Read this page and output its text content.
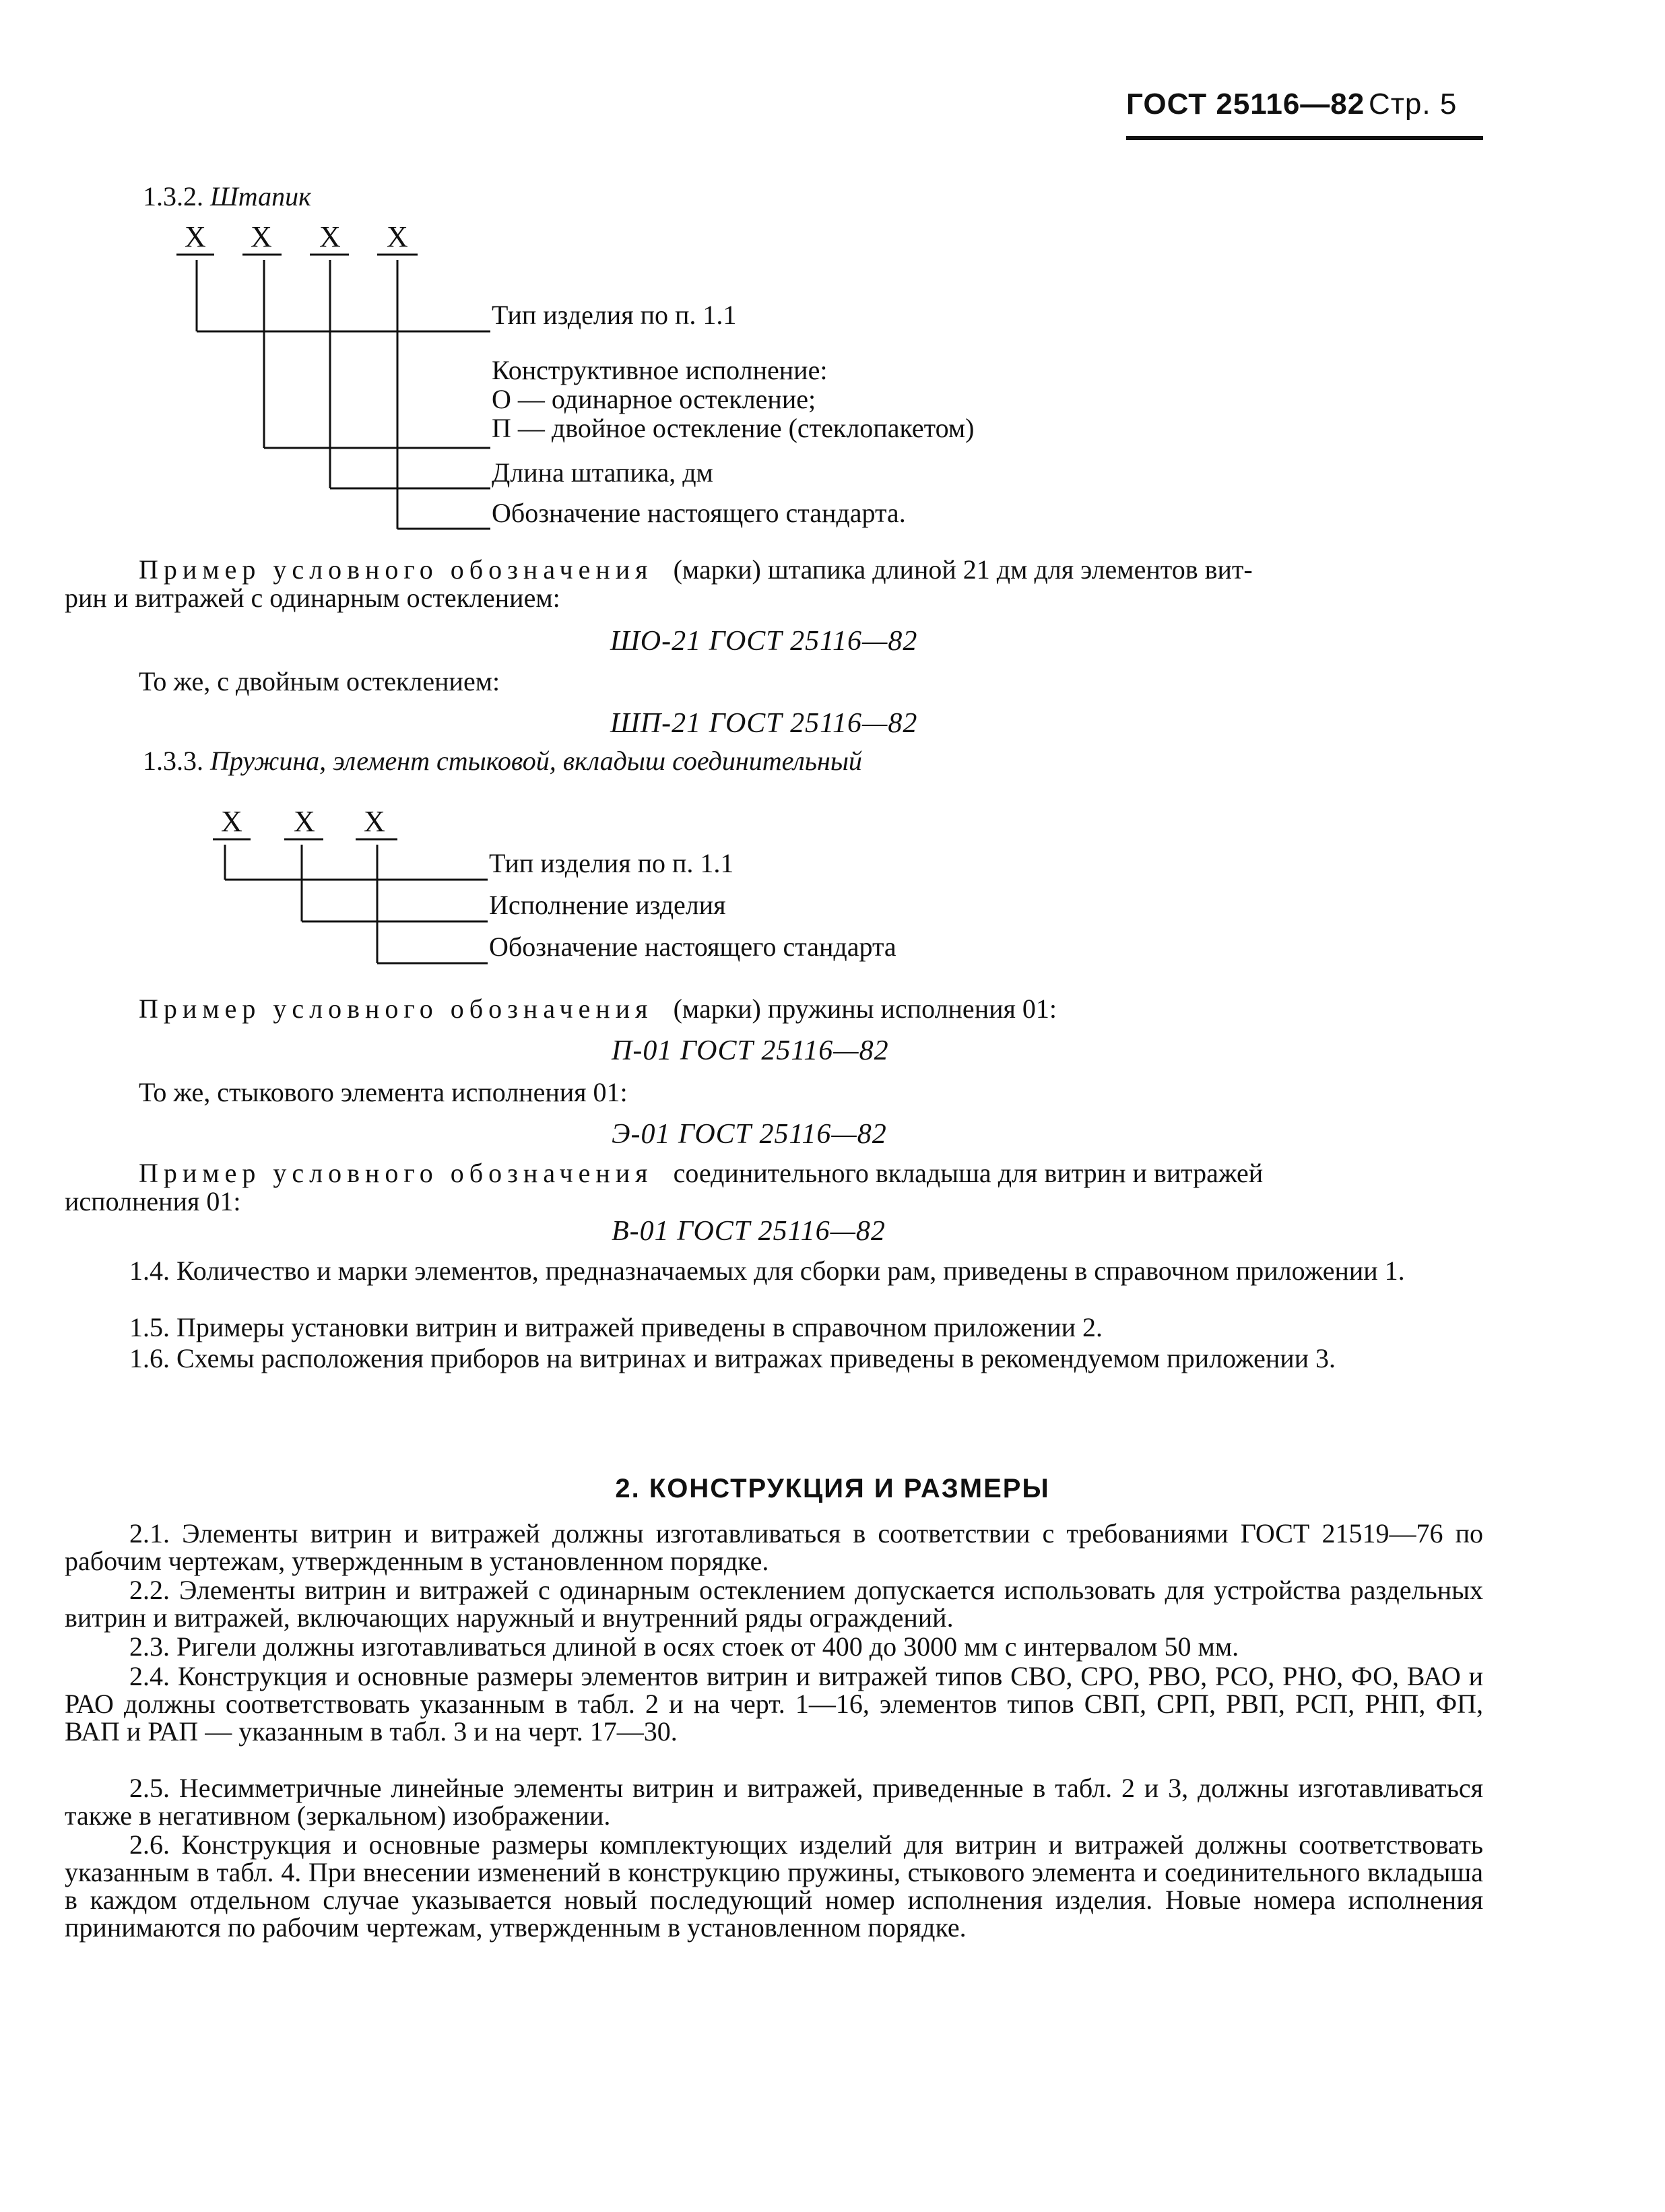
ГОСТ 25116—82 Стр. 5
1.3.2. Штапик
X X X X
Тип изделия по п. 1.1
Конструктивное исполнение:
О — одинарное остекление;
П — двойное остекление (стеклопакетом)
Длина штапика, дм
Обозначение настоящего стандарта.
Пример условного обозначения (марки) штапика длиной 21 дм для элементов вит-
рин и витражей с одинарным остеклением:
ШО-21 ГОСТ 25116—82
То же, с двойным остеклением:
ШП-21 ГОСТ 25116—82
1.3.3. Пружина, элемент стыковой, вкладыш соединительный
X X X
Тип изделия по п. 1.1
Исполнение изделия
Обозначение настоящего стандарта
Пример условного обозначения (марки) пружины исполнения 01:
П-01 ГОСТ 25116—82
То же, стыкового элемента исполнения 01:
Э-01 ГОСТ 25116—82
Пример условного обозначения соединительного вкладыша для витрин и витражей
исполнения 01:
В-01 ГОСТ 25116—82
1.4. Количество и марки элементов, предназначаемых для сборки рам, приведены в справочном приложении 1.
1.5. Примеры установки витрин и витражей приведены в справочном приложении 2.
1.6. Схемы расположения приборов на витринах и витражах приведены в рекомендуемом приложении 3.
2. КОНСТРУКЦИЯ И РАЗМЕРЫ
2.1. Элементы витрин и витражей должны изготавливаться в соответствии с требованиями ГОСТ 21519—76 по рабочим чертежам, утвержденным в установленном порядке.
2.2. Элементы витрин и витражей с одинарным остеклением допускается использовать для устройства раздельных витрин и витражей, включающих наружный и внутренний ряды ограждений.
2.3. Ригели должны изготавливаться длиной в осях стоек от 400 до 3000 мм с интервалом 50 мм.
2.4. Конструкция и основные размеры элементов витрин и витражей типов СВО, СРО, РВО, РСО, РНО, ФО, ВАО и РАО должны соответствовать указанным в табл. 2 и на черт. 1—16, элементов типов СВП, СРП, РВП, РСП, РНП, ФП, ВАП и РАП — указанным в табл. 3 и на черт. 17—30.
2.5. Несимметричные линейные элементы витрин и витражей, приведенные в табл. 2 и 3, должны изготавливаться также в негативном (зеркальном) изображении.
2.6. Конструкция и основные размеры комплектующих изделий для витрин и витражей должны соответствовать указанным в табл. 4. При внесении изменений в конструкцию пружины, стыкового элемента и соединительного вкладыша в каждом отдельном случае указывается новый последующий номер исполнения изделия. Новые номера исполнения принимаются по рабочим чертежам, утвержденным в установленном порядке.
